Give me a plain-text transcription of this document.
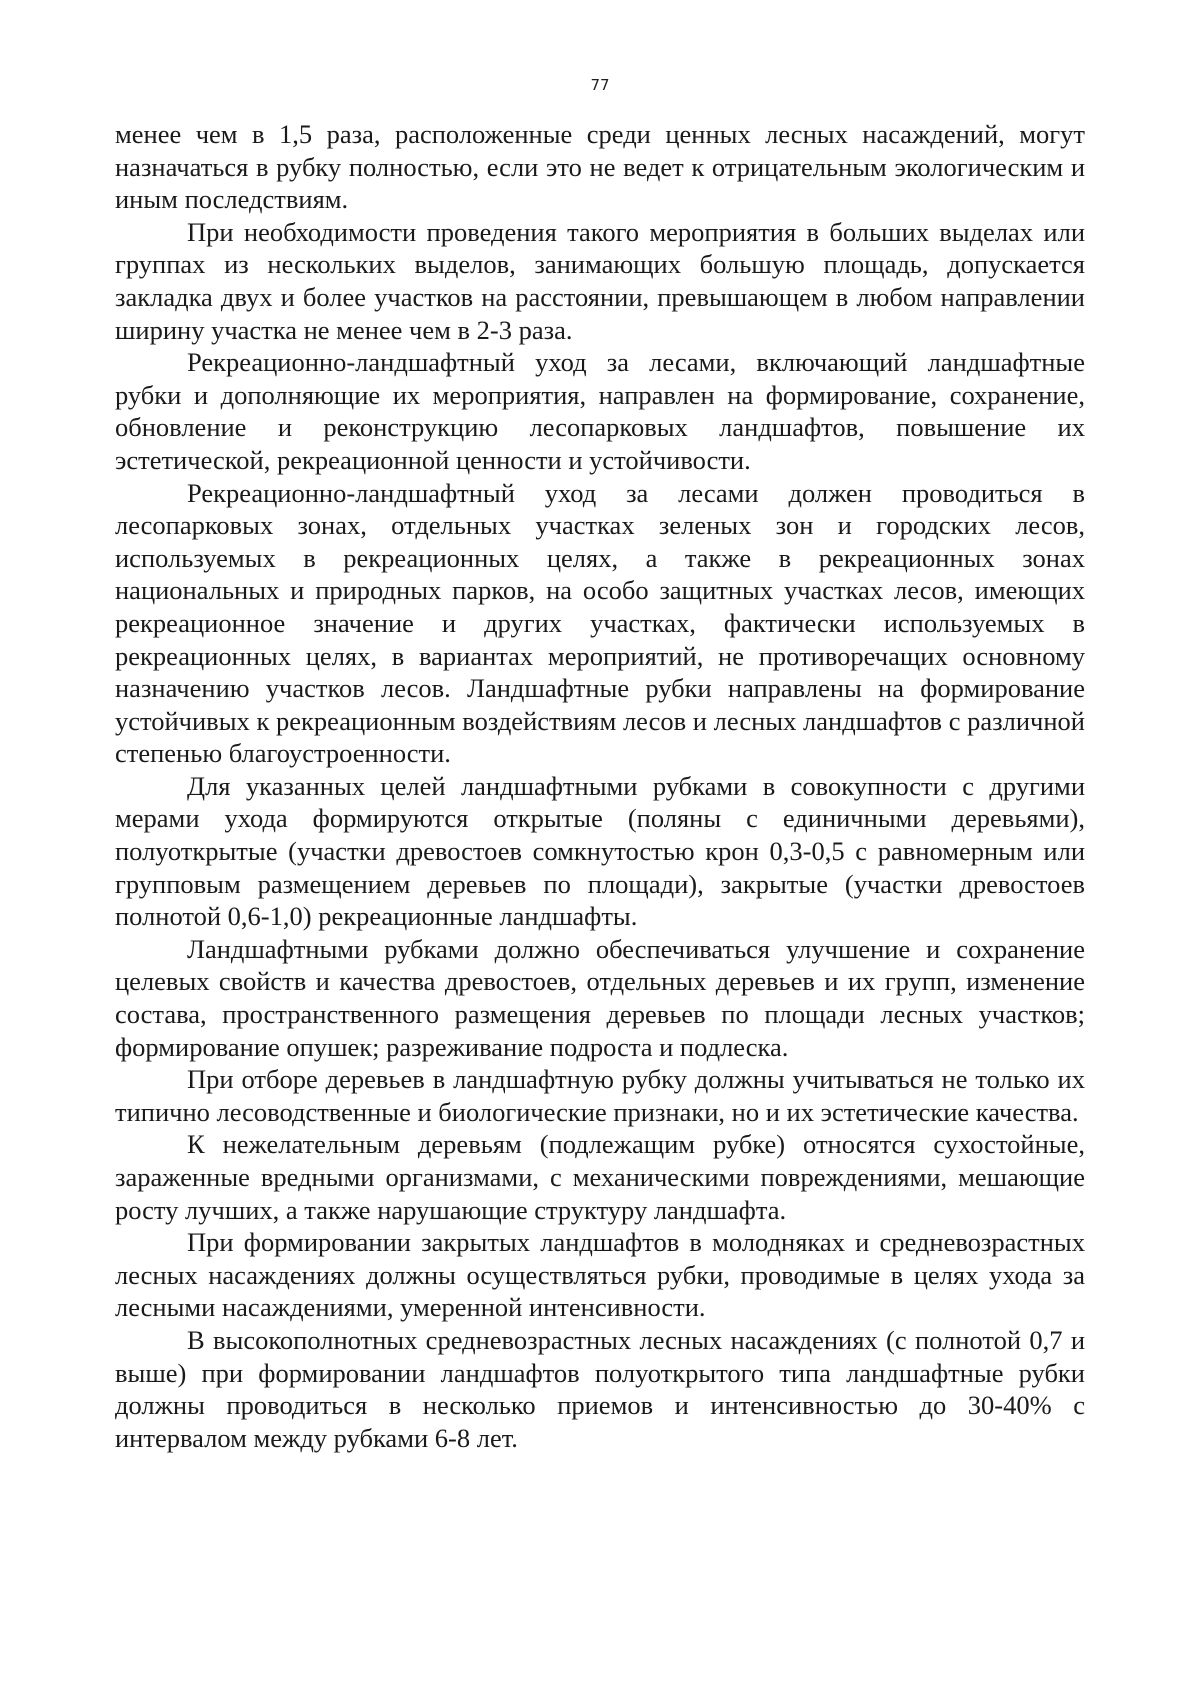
77

менее чем в 1,5 раза, расположенные среди ценных лесных насаждений, могут назначаться в рубку полностью, если это не ведет к отрицательным экологическим и иным последствиям.

При необходимости проведения такого мероприятия в больших выделах или группах из нескольких выделов, занимающих большую площадь, допускается закладка двух и более участков на расстоянии, превышающем в любом направлении ширину участка не менее чем в 2-3 раза.

Рекреационно-ландшафтный уход за лесами, включающий ландшафтные рубки и дополняющие их мероприятия, направлен на формирование, сохранение, обновление и реконструкцию лесопарковых ландшафтов, повышение их эстетической, рекреационной ценности и устойчивости.

Рекреационно-ландшафтный уход за лесами должен проводиться в лесопарковых зонах, отдельных участках зеленых зон и городских лесов, используемых в рекреационных целях, а также в рекреационных зонах национальных и природных парков, на особо защитных участках лесов, имеющих рекреационное значение и других участках, фактически используемых в рекреационных целях, в вариантах мероприятий, не противоречащих основному назначению участков лесов. Ландшафтные рубки направлены на формирование устойчивых к рекреационным воздействиям лесов и лесных ландшафтов с различной степенью благоустроенности.

Для указанных целей ландшафтными рубками в совокупности с другими мерами ухода формируются открытые (поляны с единичными деревьями), полуоткрытые (участки древостоев сомкнутостью крон 0,3-0,5 с равномерным или групповым размещением деревьев по площади), закрытые (участки древостоев полнотой 0,6-1,0) рекреационные ландшафты.

Ландшафтными рубками должно обеспечиваться улучшение и сохранение целевых свойств и качества древостоев, отдельных деревьев и их групп, изменение состава, пространственного размещения деревьев по площади лесных участков; формирование опушек; разреживание подроста и подлеска.

При отборе деревьев в ландшафтную рубку должны учитываться не только их типично лесоводственные и биологические признаки, но и их эстетические качества.

К нежелательным деревьям (подлежащим рубке) относятся сухостойные, зараженные вредными организмами, с механическими повреждениями, мешающие росту лучших, а также нарушающие структуру ландшафта.

При формировании закрытых ландшафтов в молодняках и средневозрастных лесных насаждениях должны осуществляться рубки, проводимые в целях ухода за лесными насаждениями, умеренной интенсивности.

В высокополнотных средневозрастных лесных насаждениях (с полнотой 0,7 и выше) при формировании ландшафтов полуоткрытого типа ландшафтные рубки должны проводиться в несколько приемов и интенсивностью до 30-40% с интервалом между рубками 6-8 лет.
